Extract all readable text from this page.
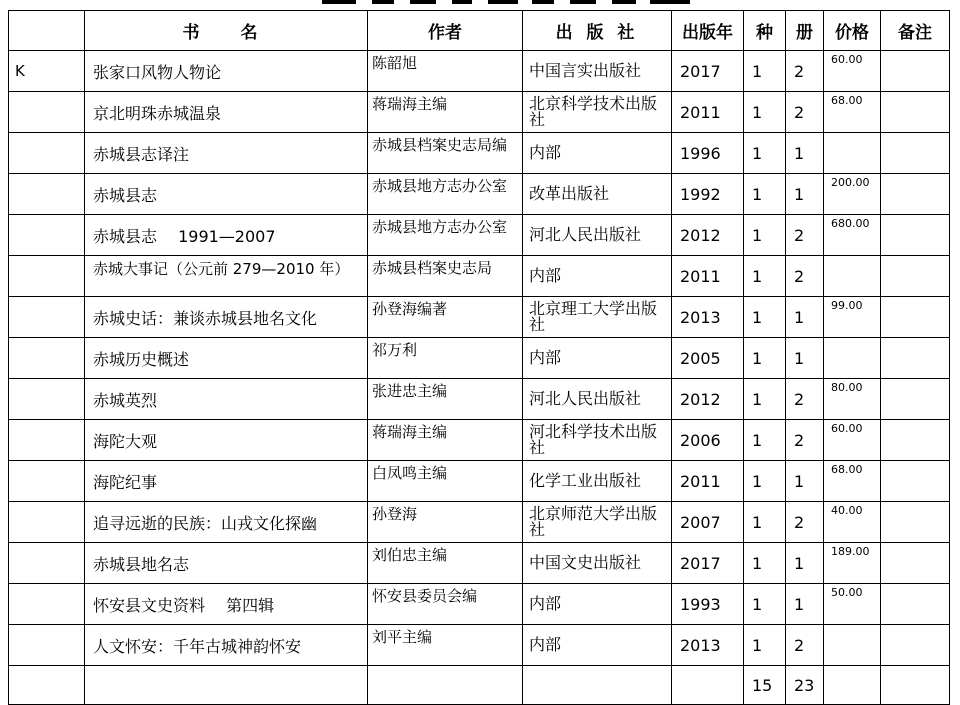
	书　名	作者	出 版 社	出版年	种	册	价格	备注
K	张家口风物人物论	陈韶旭	中国言实出版社	2017	1	2	60.00	
	京北明珠赤城温泉	蒋瑞海主编	北京科学技术出版社	2011	1	2	68.00	
	赤城县志译注	赤城县档案史志局编	内部	1996	1	1		
	赤城县志	赤城县地方志办公室	改革出版社	1992	1	1	200.00	
	赤城县志　 1991—2007	赤城县地方志办公室	河北人民出版社	2012	1	2	680.00	
	赤城大事记（公元前 279—2010 年）	赤城县档案史志局	内部	2011	1	2		
	赤城史话：兼谈赤城县地名文化	孙登海编著	北京理工大学出版社	2013	1	1	99.00	
	赤城历史概述	祁万利	内部	2005	1	1		
	赤城英烈	张进忠主编	河北人民出版社	2012	1	2	80.00	
	海陀大观	蒋瑞海主编	河北科学技术出版社	2006	1	2	60.00	
	海陀纪事	白凤鸣主编	化学工业出版社	2011	1	1	68.00	
	追寻远逝的民族：山戎文化探幽	孙登海	北京师范大学出版社	2007	1	2	40.00	
	赤城县地名志	刘伯忠主编	中国文史出版社	2017	1	1	189.00	
	怀安县文史资料　 第四辑	怀安县委员会编	内部	1993	1	1	50.00	
	人文怀安：千年古城神韵怀安	刘平主编	内部	2013	1	2		
					15	23		
